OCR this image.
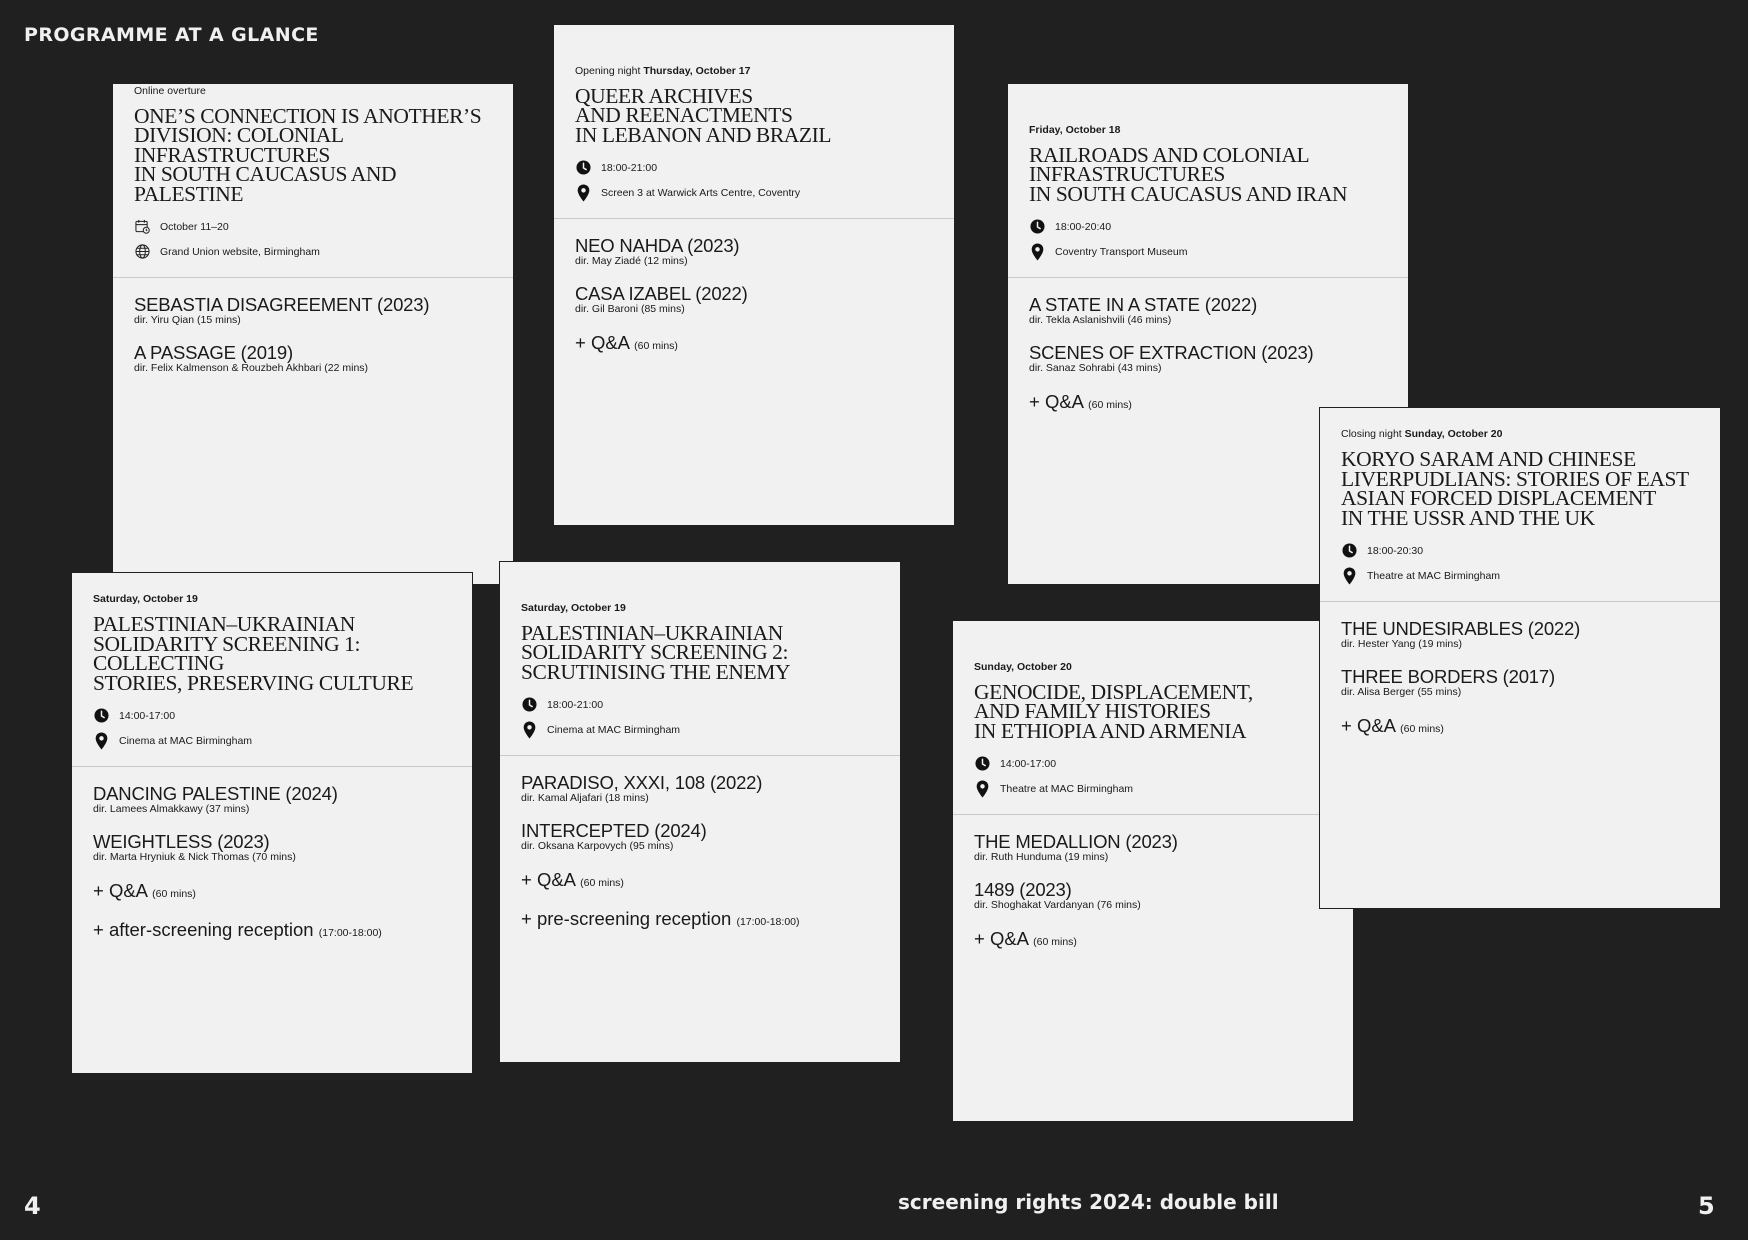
PROGRAMME AT A GLANCE
Online overture
ONE’S CONNECTION IS ANOTHER’S
DIVISION: COLONIAL INFRASTRUCTURES
IN SOUTH CAUCASUS AND PALESTINE
October 11–20
Grand Union website, Birmingham
SEBASTIA DISAGREEMENT (2023)
dir. Yiru Qian (15 mins)
A PASSAGE (2019)
dir. Felix Kalmenson & Rouzbeh Akhbari (22 mins)
Opening night Thursday, October 17
QUEER ARCHIVES
AND REENACTMENTS
IN LEBANON AND BRAZIL
18:00-21:00
Screen 3 at Warwick Arts Centre, Coventry
NEO NAHDA (2023)
dir. May Ziadé (12 mins)
CASA IZABEL (2022)
dir. Gil Baroni (85 mins)
+ Q&A (60 mins)
Friday, October 18
RAILROADS AND COLONIAL
INFRASTRUCTURES
IN SOUTH CAUCASUS AND IRAN
18:00-20:40
Coventry Transport Museum
A STATE IN A STATE (2022)
dir. Tekla Aslanishvili (46 mins)
SCENES OF EXTRACTION (2023)
dir. Sanaz Sohrabi (43 mins)
+ Q&A (60 mins)
Saturday, October 19
PALESTINIAN–UKRAINIAN
SOLIDARITY SCREENING 1: COLLECTING
STORIES, PRESERVING CULTURE
14:00-17:00
Cinema at MAC Birmingham
DANCING PALESTINE (2024)
dir. Lamees Almakkawy (37 mins)
WEIGHTLESS (2023)
dir. Marta Hryniuk & Nick Thomas (70 mins)
+ Q&A (60 mins)
+ after-screening reception (17:00-18:00)
Saturday, October 19
PALESTINIAN–UKRAINIAN
SOLIDARITY SCREENING 2:
SCRUTINISING THE ENEMY
18:00-21:00
Cinema at MAC Birmingham
PARADISO, XXXI, 108 (2022)
dir. Kamal Aljafari (18 mins)
INTERCEPTED (2024)
dir. Oksana Karpovych (95 mins)
+ Q&A (60 mins)
+ pre-screening reception (17:00-18:00)
Sunday, October 20
GENOCIDE, DISPLACEMENT,
AND FAMILY HISTORIES
IN ETHIOPIA AND ARMENIA
14:00-17:00
Theatre at MAC Birmingham
THE MEDALLION (2023)
dir. Ruth Hunduma (19 mins)
1489 (2023)
dir. Shoghakat Vardanyan (76 mins)
+ Q&A (60 mins)
Closing night Sunday, October 20
KORYO SARAM AND CHINESE
LIVERPUDLIANS: STORIES OF EAST
ASIAN FORCED DISPLACEMENT
IN THE USSR AND THE UK
18:00-20:30
Theatre at MAC Birmingham
THE UNDESIRABLES (2022)
dir. Hester Yang (19 mins)
THREE BORDERS (2017)
dir. Alisa Berger (55 mins)
+ Q&A (60 mins)
4	screening rights 2024: double bill	5
